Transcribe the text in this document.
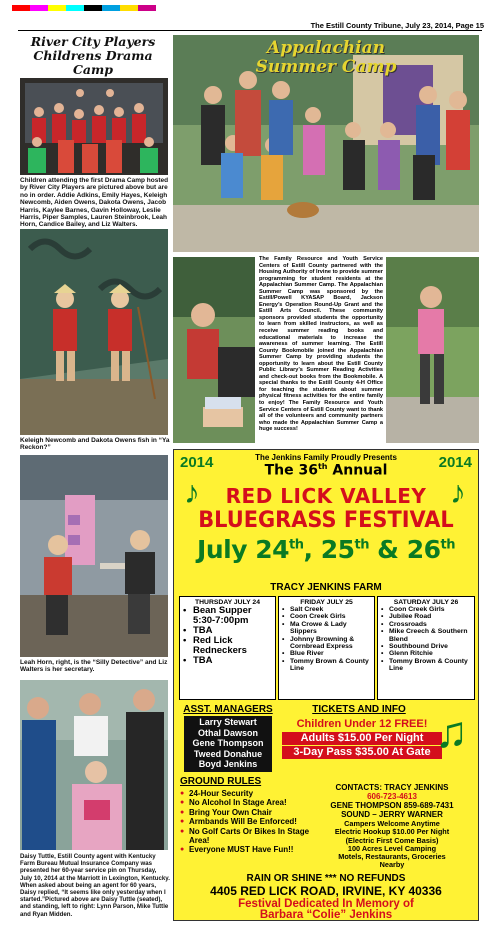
The Estill County Tribune, July 23, 2014, Page 15
River City Players
Childrens Drama Camp
Children attending the first Drama Camp hosted by River City Players are pictured above but are no in order. Addie Adkins, Emily Hayes, Keleigh Newcomb, Aiden Owens, Dakota Owens, Jacob Harris, Kaylee Barnes, Gavin Holloway, Leslie Harris, Piper Samples, Lauren Steinbrook, Leah Horn, Candice Bailey, and Liz Walters.
Keleigh Newcomb and Dakota Owens fish in “Ya Reckon?”
Leah Horn, right, is the “Silly Detective” and Liz Walters is her secretary.
Daisy Tuttle, Estill County agent with Kentucky Farm Bureau Mutual Insurance Company was presented her 60-year service pin on Thursday, July 10, 2014 at the Marriott in Lexington, Kentucky. When asked about being an agent for 60 years, Daisy replied, “It seems like only yesterday when I started.”Pictured above are Daisy Tuttle (seated), and standing, left to right: Lynn Parson, Mike Tuttle and Ryan Midden.
Appalachian
Summer Camp
The Family Resource and Youth Service Centers of Estill County partnered with the Housing Authority of Irvine to provide summer programming for student residents at the Appalachian Summer Camp. The Appalachian Summer Camp was sponsored by the Estill/Powell KYASAP Board, Jackson Energy’s Operation Round-Up Grant and the Estill Arts Council. These community sponsors provided students the opportunity to learn from skilled instructors, as well as receive summer reading books and educational materials to increase the awareness of summer learning. The Estill County Bookmobile joined the Appalachian Summer Camp by providing students the opportunity to learn about the Estill County Public Library’s Summer Reading Activities and check-out books from the Bookmobile. A special thanks to the Estill County 4-H Office for teaching the students about summer physical fitness activities for the entire family to enjoy! The Family Resource and Youth Service Centers of Estill County want to thank all of the volunteers and community partners who made the Appalachian Summer Camp a huge success!
2014	2014
The Jenkins Family Proudly Presents
The 36th Annual
♪	♪
RED LICK VALLEY
BLUEGRASS FESTIVAL
July 24th, 25th & 26th
TRACY JENKINS FARM
THURSDAY JULY 24
• Bean Supper 5:30-7:00pm
• TBA
• Red Lick Redneckers
• TBA
FRIDAY JULY 25
• Salt Creek
• Coon Creek Girls
• Ma Crowe & Lady Slippers
• Johnny Browning & Cornbread Express
• Blue River
• Tommy Brown & County Line
SATURDAY JULY 26
• Coon Creek Girls
• Jubilee Road
• Crossroads
• Mike Creech & Southern Blend
• Southbound Drive
• Glenn Ritchie
• Tommy Brown & County Line
ASST. MANAGERS
Larry Stewart
Othal Dawson
Gene Thompson
Tweed Donahue
Boyd Jenkins
TICKETS AND INFO
Children Under 12 FREE!
Adults $15.00 Per Night
3-Day Pass $35.00 At Gate ♫
GROUND RULES
● 24-Hour Security
● No Alcohol In Stage Area!
● Bring Your Own Chair
● Armbands Will Be Enforced!
● No Golf Carts Or Bikes In Stage Area!
● Everyone MUST Have Fun!!
CONTACTS: TRACY JENKINS
606-723-4613
GENE THOMPSON 859-689-7431
SOUND – JERRY WARNER
Campers Welcome Anytime
Electric Hookup $10.00 Per Night
(Electric First Come Basis)
100 Acres Level Camping
Motels, Restaurants, Groceries
Nearby
RAIN OR SHINE *** NO REFUNDS
4405 RED LICK ROAD, IRVINE, KY 40336
Festival Dedicated In Memory of
Barbara “Colie” Jenkins
